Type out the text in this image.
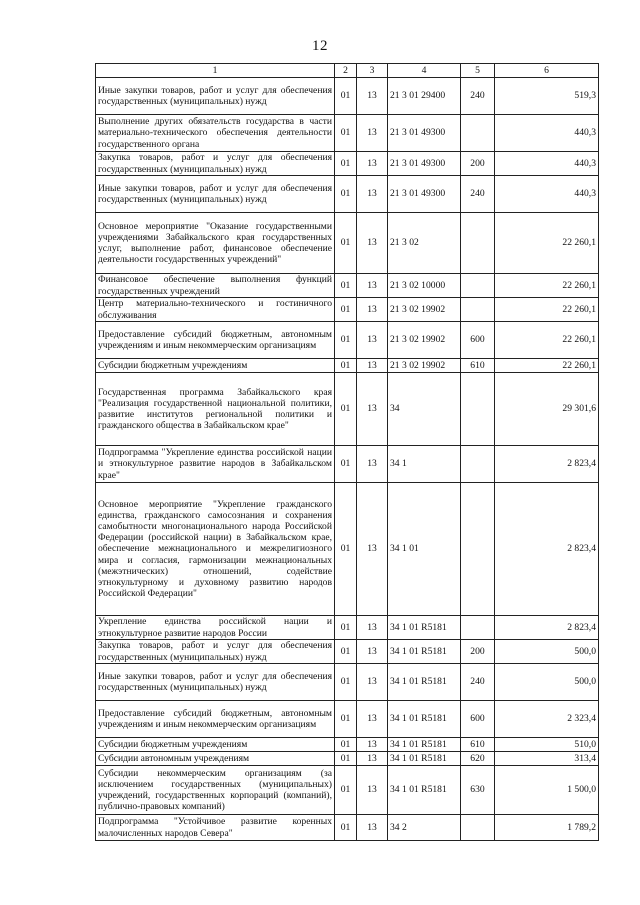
12
1	2	3	4	5	6
Иные закупки товаров, работ и услуг для обеспечения государственных (муниципальных) нужд	01	13	21 3 01 29400	240	519,3
Выполнение других обязательств государства в части материально-технического обеспечения деятельности государственного органа	01	13	21 3 01 49300		440,3
Закупка товаров, работ и услуг для обеспечения государственных (муниципальных) нужд	01	13	21 3 01 49300	200	440,3
Иные закупки товаров, работ и услуг для обеспечения государственных (муниципальных) нужд	01	13	21 3 01 49300	240	440,3
Основное мероприятие "Оказание государственными учреждениями Забайкальского края государственных услуг, выполнение работ, финансовое обеспечение деятельности государственных учреждений"	01	13	21 3 02		22 260,1
Финансовое обеспечение выполнения функций государственных учреждений	01	13	21 3 02 10000		22 260,1
Центр материально-технического и гостиничного обслуживания	01	13	21 3 02 19902		22 260,1
Предоставление субсидий бюджетным, автономным учреждениям и иным некоммерческим организациям	01	13	21 3 02 19902	600	22 260,1
Субсидии бюджетным учреждениям	01	13	21 3 02 19902	610	22 260,1
Государственная программа Забайкальского края "Реализация государственной национальной политики, развитие институтов региональной политики и гражданского общества в Забайкальском крае"	01	13	34		29 301,6
Подпрограмма "Укрепление единства российской нации и этнокультурное развитие народов в Забайкальском крае"	01	13	34 1		2 823,4
Основное мероприятие "Укрепление гражданского единства, гражданского самосознания и сохранения самобытности многонационального народа Российской Федерации (российской нации) в Забайкальском крае, обеспечение межнационального и межрелигиозного мира и согласия, гармонизации межнациональных (межэтнических) отношений, содействие этнокультурному и духовному развитию народов Российской Федерации"	01	13	34 1 01		2 823,4
Укрепление единства российской нации и этнокультурное развитие народов России	01	13	34 1 01 R5181		2 823,4
Закупка товаров, работ и услуг для обеспечения государственных (муниципальных) нужд	01	13	34 1 01 R5181	200	500,0
Иные закупки товаров, работ и услуг для обеспечения государственных (муниципальных) нужд	01	13	34 1 01 R5181	240	500,0
Предоставление субсидий бюджетным, автономным учреждениям и иным некоммерческим организациям	01	13	34 1 01 R5181	600	2 323,4
Субсидии бюджетным учреждениям	01	13	34 1 01 R5181	610	510,0
Субсидии автономным учреждениям	01	13	34 1 01 R5181	620	313,4
Субсидии некоммерческим организациям (за исключением государственных (муниципальных) учреждений, государственных корпораций (компаний), публично-правовых компаний)	01	13	34 1 01 R5181	630	1 500,0
Подпрограмма "Устойчивое развитие коренных малочисленных народов Севера"	01	13	34 2		1 789,2
